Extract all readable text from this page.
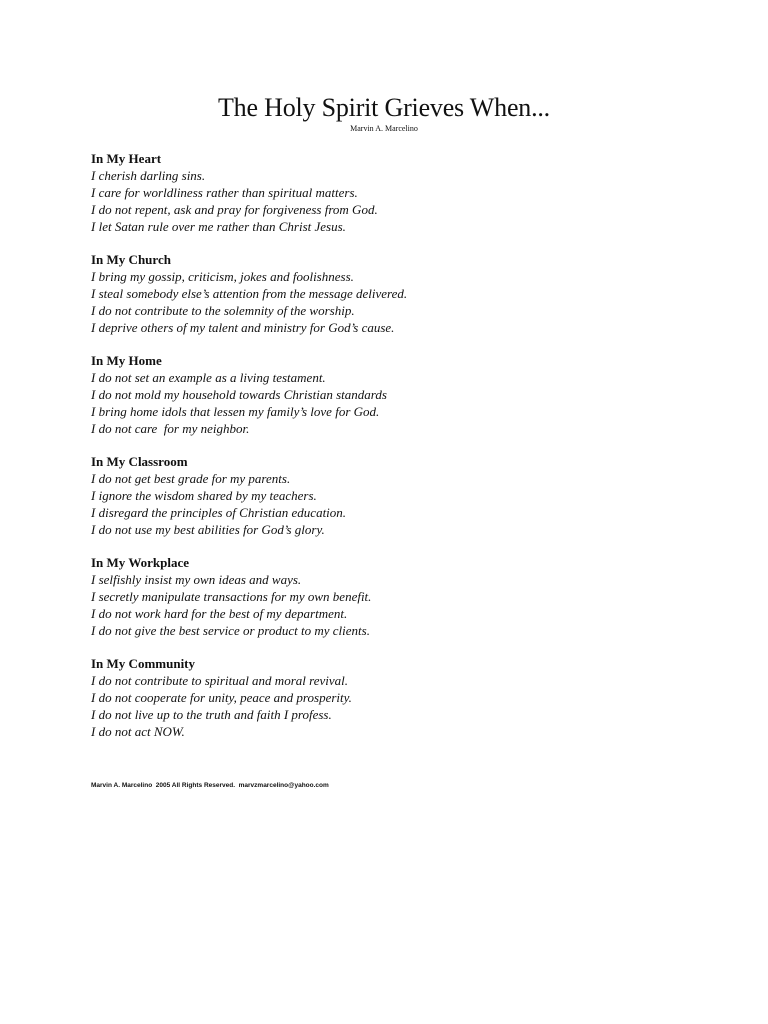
The Holy Spirit Grieves When...

Marvin A. Marcelino

In My Heart
I cherish darling sins.
I care for worldliness rather than spiritual matters.
I do not repent, ask and pray for forgiveness from God.
I let Satan rule over me rather than Christ Jesus.
In My Church
I bring my gossip, criticism, jokes and foolishness.
I steal somebody else’s attention from the message delivered.
I do not contribute to the solemnity of the worship.
I deprive others of my talent and ministry for God’s cause.
In My Home
I do not set an example as a living testament.
I do not mold my household towards Christian standards
I bring home idols that lessen my family’s love for God.
I do not care  for my neighbor.
In My Classroom
I do not get best grade for my parents.
I ignore the wisdom shared by my teachers.
I disregard the principles of Christian education.
I do not use my best abilities for God’s glory.
In My Workplace
I selfishly insist my own ideas and ways.
I secretly manipulate transactions for my own benefit.
I do not work hard for the best of my department.
I do not give the best service or product to my clients.
In My Community
I do not contribute to spiritual and moral revival.
I do not cooperate for unity, peace and prosperity.
I do not live up to the truth and faith I profess.
I do not act NOW.

Marvin A. Marcelino  2005 All Rights Reserved.  marvzmarcelino@yahoo.com
